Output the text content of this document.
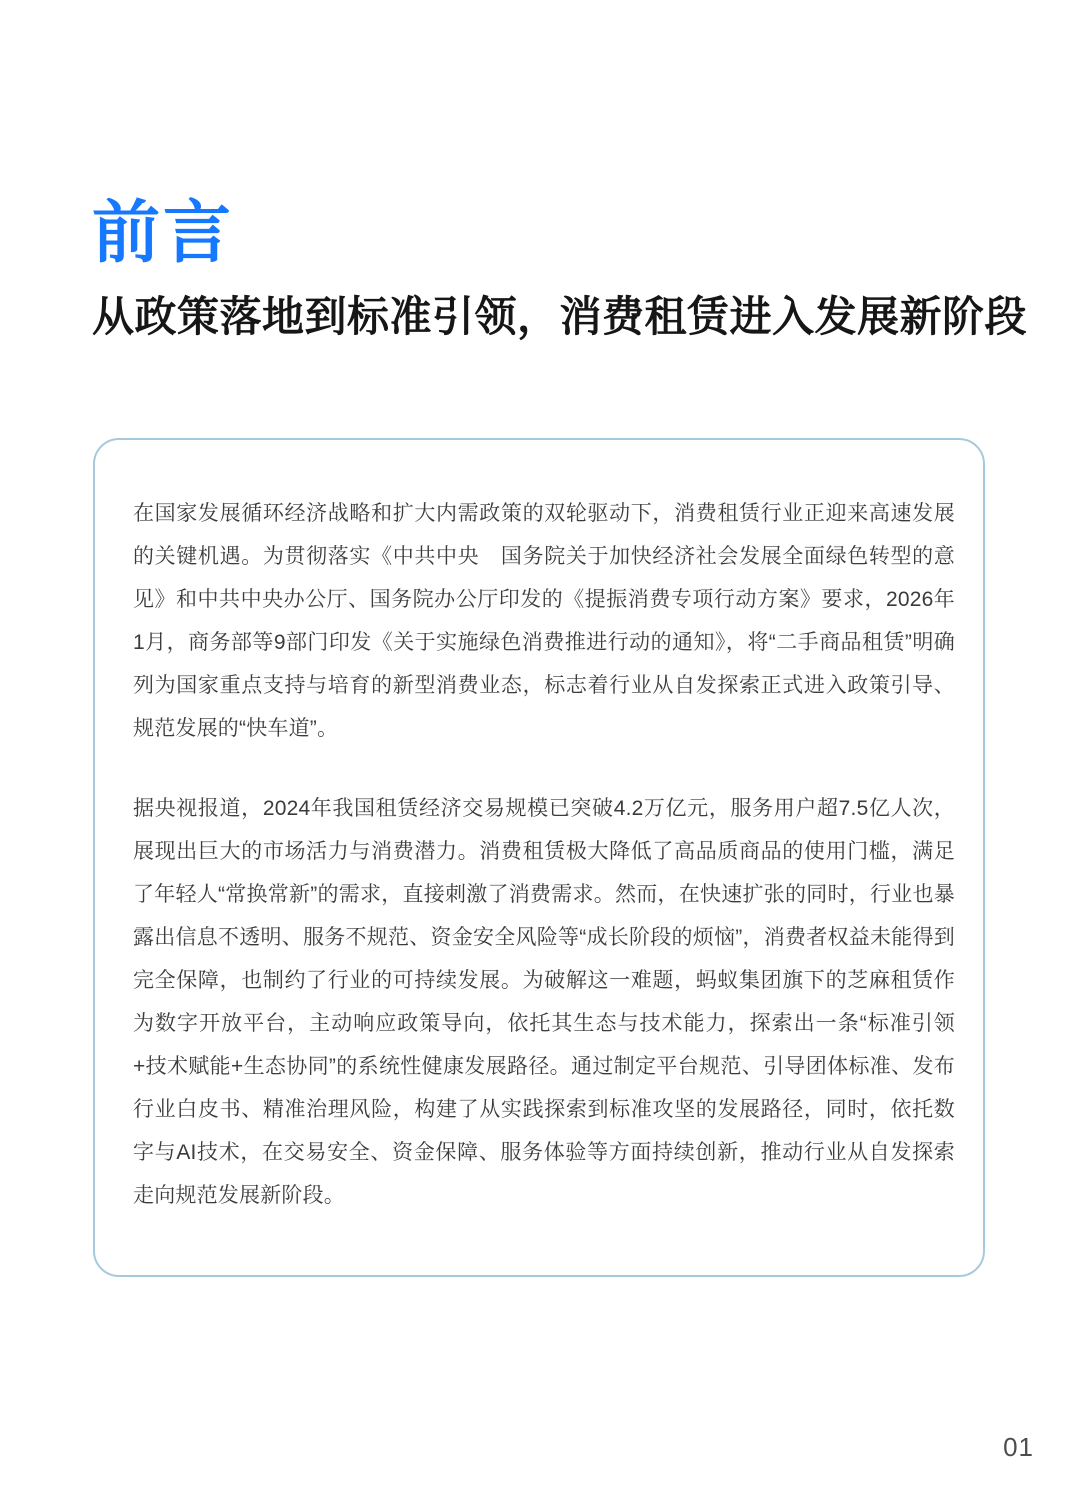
前言
从政策落地到标准引领，消费租赁进入发展新阶段

在国家发展循环经济战略和扩大内需政策的双轮驱动下，消费租赁行业正迎来高速发展的关键机遇。为贯彻落实《中共中央　国务院关于加快经济社会发展全面绿色转型的意见》和中共中央办公厅、国务院办公厅印发的《提振消费专项行动方案》要求，2026年1月，商务部等9部门印发《关于实施绿色消费推进行动的通知》，将“二手商品租赁”明确列为国家重点支持与培育的新型消费业态，标志着行业从自发探索正式进入政策引导、规范发展的“快车道”。

据央视报道，2024年我国租赁经济交易规模已突破4.2万亿元，服务用户超7.5亿人次，展现出巨大的市场活力与消费潜力。消费租赁极大降低了高品质商品的使用门槛，满足了年轻人“常换常新”的需求，直接刺激了消费需求。然而，在快速扩张的同时，行业也暴露出信息不透明、服务不规范、资金安全风险等“成长阶段的烦恼”，消费者权益未能得到完全保障，也制约了行业的可持续发展。为破解这一难题，蚂蚁集团旗下的芝麻租赁作为数字开放平台，主动响应政策导向，依托其生态与技术能力，探索出一条“标准引领+技术赋能+生态协同”的系统性健康发展路径。通过制定平台规范、引导团体标准、发布行业白皮书、精准治理风险，构建了从实践探索到标准攻坚的发展路径，同时，依托数字与AI技术，在交易安全、资金保障、服务体验等方面持续创新，推动行业从自发探索走向规范发展新阶段。

01
